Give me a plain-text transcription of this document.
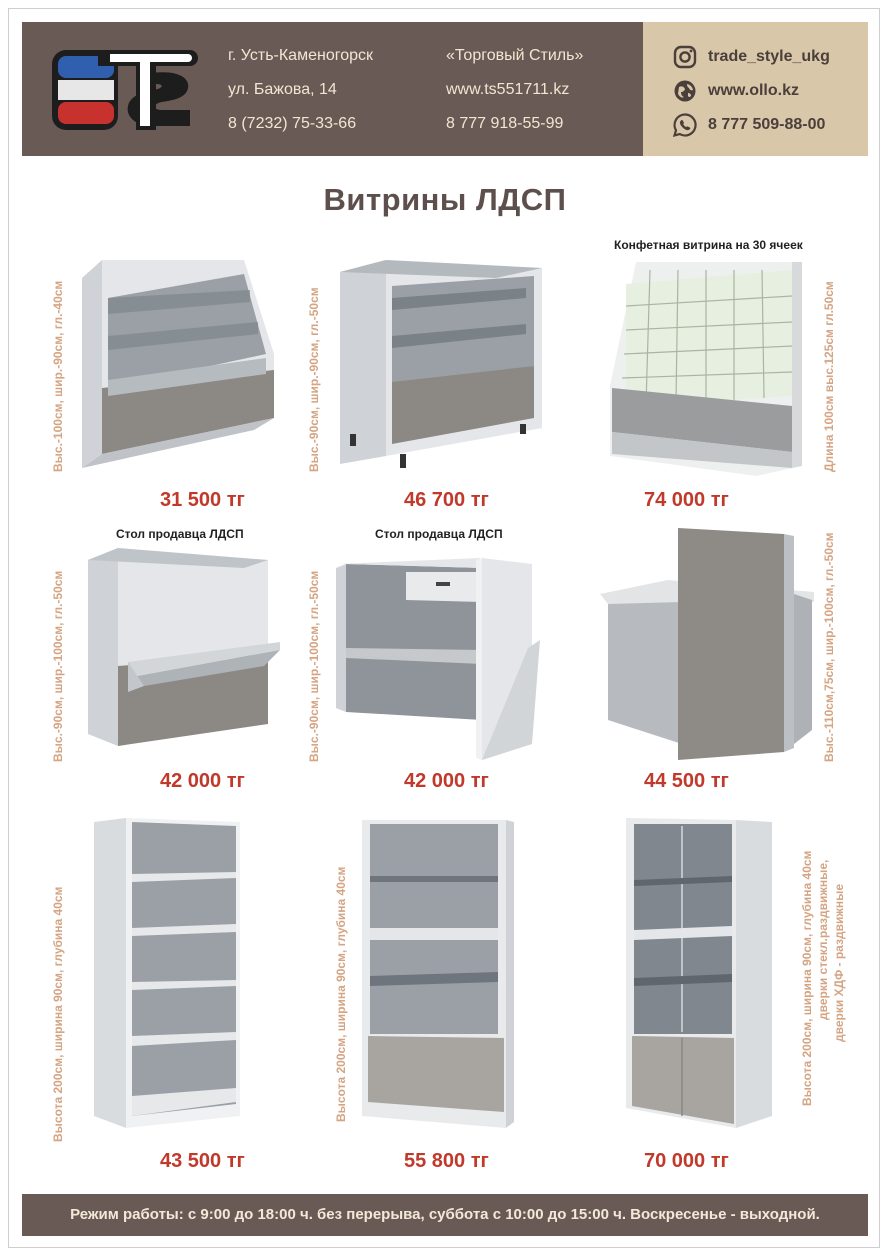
г. Усть-Каменогорск
ул. Бажова, 14
8 (7232) 75-33-66
«Торговый Стиль»
www.ts551711.kz
8 777 918-55-99
trade_style_ukg
www.ollo.kz
8 777 509-88-00
Витрины ЛДСП
Выс.-100см, шир.-90см, гл.-40см
31 500 тг
Выс.-90см, шир.-90см, гл.-50см
46 700 тг
Конфетная витрина на 30 ячеек
Длина 100см выс.125см гл.50см
74 000 тг
Стол продавца ЛДСП
Выс.-90см, шир.-100см, гл.-50см
42 000 тг
Стол продавца ЛДСП
Выс.-90см, шир.-100см, гл.-50см
42 000 тг
Выс.-110см,75см, шир.-100см, гл.-50см
44 500 тг
Высота 200см, ширина 90см, глубина 40см
43 500 тг
Высота 200см, ширина 90см, глубина 40см
55 800 тг
Высота 200см, ширина 90см, глубина 40см дверки стекл.раздвижные, дверки ХДФ - раздвижные
70 000 тг
Режим работы: с 9:00 до 18:00 ч. без перерыва, суббота с 10:00 до 15:00 ч. Воскресенье - выходной.
